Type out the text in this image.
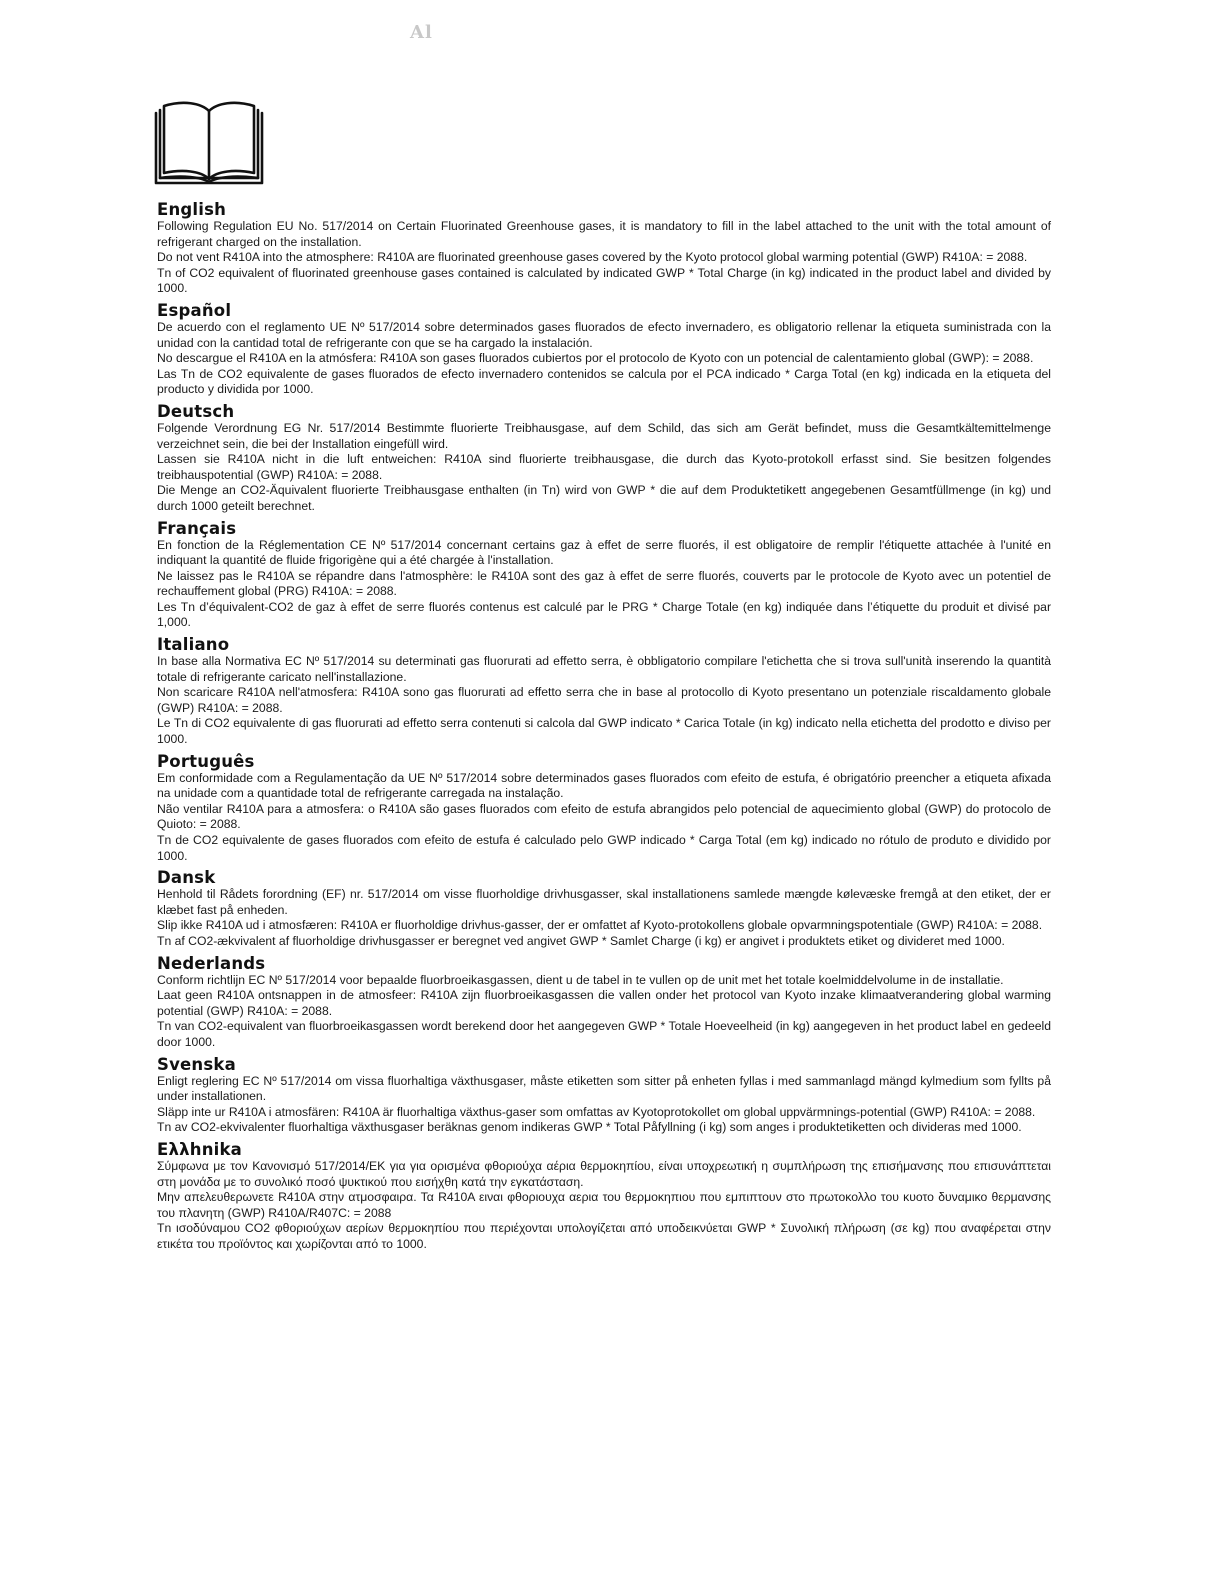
Al
English

Following Regulation EU No. 517/2014 on Certain Fluorinated Greenhouse gases, it is mandatory to fill in the label attached to the unit with the total amount of refrigerant charged on the installation.

Do not vent R410A into the atmosphere: R410A are fluorinated greenhouse gases covered by the Kyoto protocol global warming potential (GWP) R410A: = 2088.

Tn of CO2 equivalent of fluorinated greenhouse gases contained is calculated by indicated GWP * Total Charge (in kg) indicated in the product label and divided by 1000.

Español

De acuerdo con el reglamento UE Nº 517/2014 sobre determinados gases fluorados de efecto invernadero, es obligatorio rellenar la etiqueta suministrada con la unidad con la cantidad total de refrigerante con que se ha cargado la instalación.

No descargue el R410A en la atmósfera: R410A son gases fluorados cubiertos por el protocolo de Kyoto con un potencial de calentamiento global (GWP): = 2088.

Las Tn de CO2 equivalente de gases fluorados de efecto invernadero contenidos se calcula por el PCA indicado * Carga Total (en kg) indicada en la etiqueta del producto y dividida por 1000.

Deutsch

Folgende Verordnung EG Nr. 517/2014 Bestimmte fluorierte Treibhausgase, auf dem Schild, das sich am Gerät befindet, muss die Gesamtkältemittelmenge verzeichnet sein, die bei der Installation eingefüll wird.

Lassen sie R410A nicht in die luft entweichen: R410A sind fluorierte treibhausgase, die durch das Kyoto-protokoll erfasst sind. Sie besitzen folgendes treibhauspotential (GWP) R410A: = 2088.

Die Menge an CO2-Äquivalent fluorierte Treibhausgase enthalten (in Tn) wird von GWP * die auf dem Produktetikett angegebenen Gesamtfüllmenge (in kg) und durch 1000 geteilt berechnet.

Français

En fonction de la Réglementation CE Nº 517/2014 concernant certains gaz à effet de serre fluorés, il est obligatoire de remplir l'étiquette attachée à l'unité en indiquant la quantité de fluide frigorigène qui a été chargée à l'installation.

Ne laissez pas le R410A se répandre dans l'atmosphère: le R410A sont des gaz à effet de serre fluorés, couverts par le protocole de Kyoto avec un potentiel de rechauffement global (PRG) R410A: = 2088.

Les Tn d’équivalent-CO2 de gaz à effet de serre fluorés contenus est calculé par le PRG * Charge Totale (en kg) indiquée dans l’étiquette du produit et divisé par 1,000.

Italiano

In base alla Normativa EC Nº 517/2014 su determinati gas fluorurati ad effetto serra, è obbligatorio compilare l'etichetta che si trova sull'unità inserendo la quantità totale di refrigerante caricato nell'installazione.

Non scaricare R410A nell'atmosfera: R410A sono gas fluorurati ad effetto serra che in base al protocollo di Kyoto presentano un potenziale riscaldamento globale (GWP) R410A: = 2088.

Le Tn di CO2 equivalente di gas fluorurati ad effetto serra contenuti si calcola dal GWP indicato * Carica Totale (in kg) indicato nella etichetta del prodotto e diviso per 1000.

Português

Em conformidade com a Regulamentação da UE Nº 517/2014 sobre determinados gases fluorados com efeito de estufa, é obrigatório preencher a etiqueta afixada na unidade com a quantidade total de refrigerante carregada na instalação.

Não ventilar R410A para a atmosfera: o R410A são gases fluorados com efeito de estufa abrangidos pelo potencial de aquecimiento global (GWP) do protocolo de Quioto: = 2088.

Tn de CO2 equivalente de gases fluorados com efeito de estufa é calculado pelo GWP indicado * Carga Total (em kg) indicado no rótulo de produto e dividido por 1000.

Dansk

Henhold til Rådets forordning (EF) nr. 517/2014 om visse fluorholdige drivhusgasser, skal installationens samlede mængde kølevæske fremgå at den etiket, der er klæbet fast på enheden.

Slip ikke R410A ud i atmosfæren: R410A er fluorholdige drivhus-gasser, der er omfattet af Kyoto-protokollens globale opvarmningspotentiale (GWP) R410A: = 2088.

Tn af CO2-ækvivalent af fluorholdige drivhusgasser er beregnet ved angivet GWP * Samlet Charge (i kg) er angivet i produktets etiket og divideret med 1000.

Nederlands

Conform richtlijn EC Nº 517/2014 voor bepaalde fluorbroeikasgassen, dient u de tabel in te vullen op de unit met het totale koelmiddelvolume in de installatie.

Laat geen R410A ontsnappen in de atmosfeer: R410A zijn fluorbroeikasgassen die vallen onder het protocol van Kyoto inzake klimaatverandering global warming potential (GWP) R410A: = 2088.

Tn van CO2-equivalent van fluorbroeikasgassen wordt berekend door het aangegeven GWP * Totale Hoeveelheid (in kg) aangegeven in het product label en gedeeld door 1000.

Svenska

Enligt reglering EC Nº 517/2014 om vissa fluorhaltiga växthusgaser, måste etiketten som sitter på enheten fyllas i med sammanlagd mängd kylmedium som fyllts på under installationen.

Släpp inte ur R410A i atmosfären: R410A är fluorhaltiga växthus-gaser som omfattas av Kyotoprotokollet om global uppvärmnings-potential (GWP) R410A: = 2088.

Tn av CO2-ekvivalenter fluorhaltiga växthusgaser beräknas genom indikeras GWP * Total Påfyllning (i kg) som anges i produktetiketten och divideras med 1000.

Ελλhnika

Σύμφωνα με τον Κανονισμό 517/2014/ΕΚ για για ορισμένα φθοριούχα αέρια θερμοκηπίου, είναι υποχρεωτική η συμπλήρωση της επισήμανσης που επισυνάπτεται στη μονάδα με το συνολικό ποσό ψυκτικού που εισήχθη κατά την εγκατάσταση.

Μην απελευθερωνετε R410A στην ατμοσφαιρα. Τα R410A ειναι φθοριουχα αερια του θερμοκηπιου που εμπιπτουν στο πρωτοκολλο του κυοτο δυναμικο θερμανσης του πλανητη (GWP) R410A/R407C: = 2088

Τn ισοδύναμου CO2 φθοριούχων αερίων θερμοκηπίου που περιέχονται υπολογίζεται από υποδεικνύεται GWP * Συνολική πλήρωση (σε kg) που αναφέρεται στην ετικέτα του προϊόντος και χωρίζονται από το 1000.
